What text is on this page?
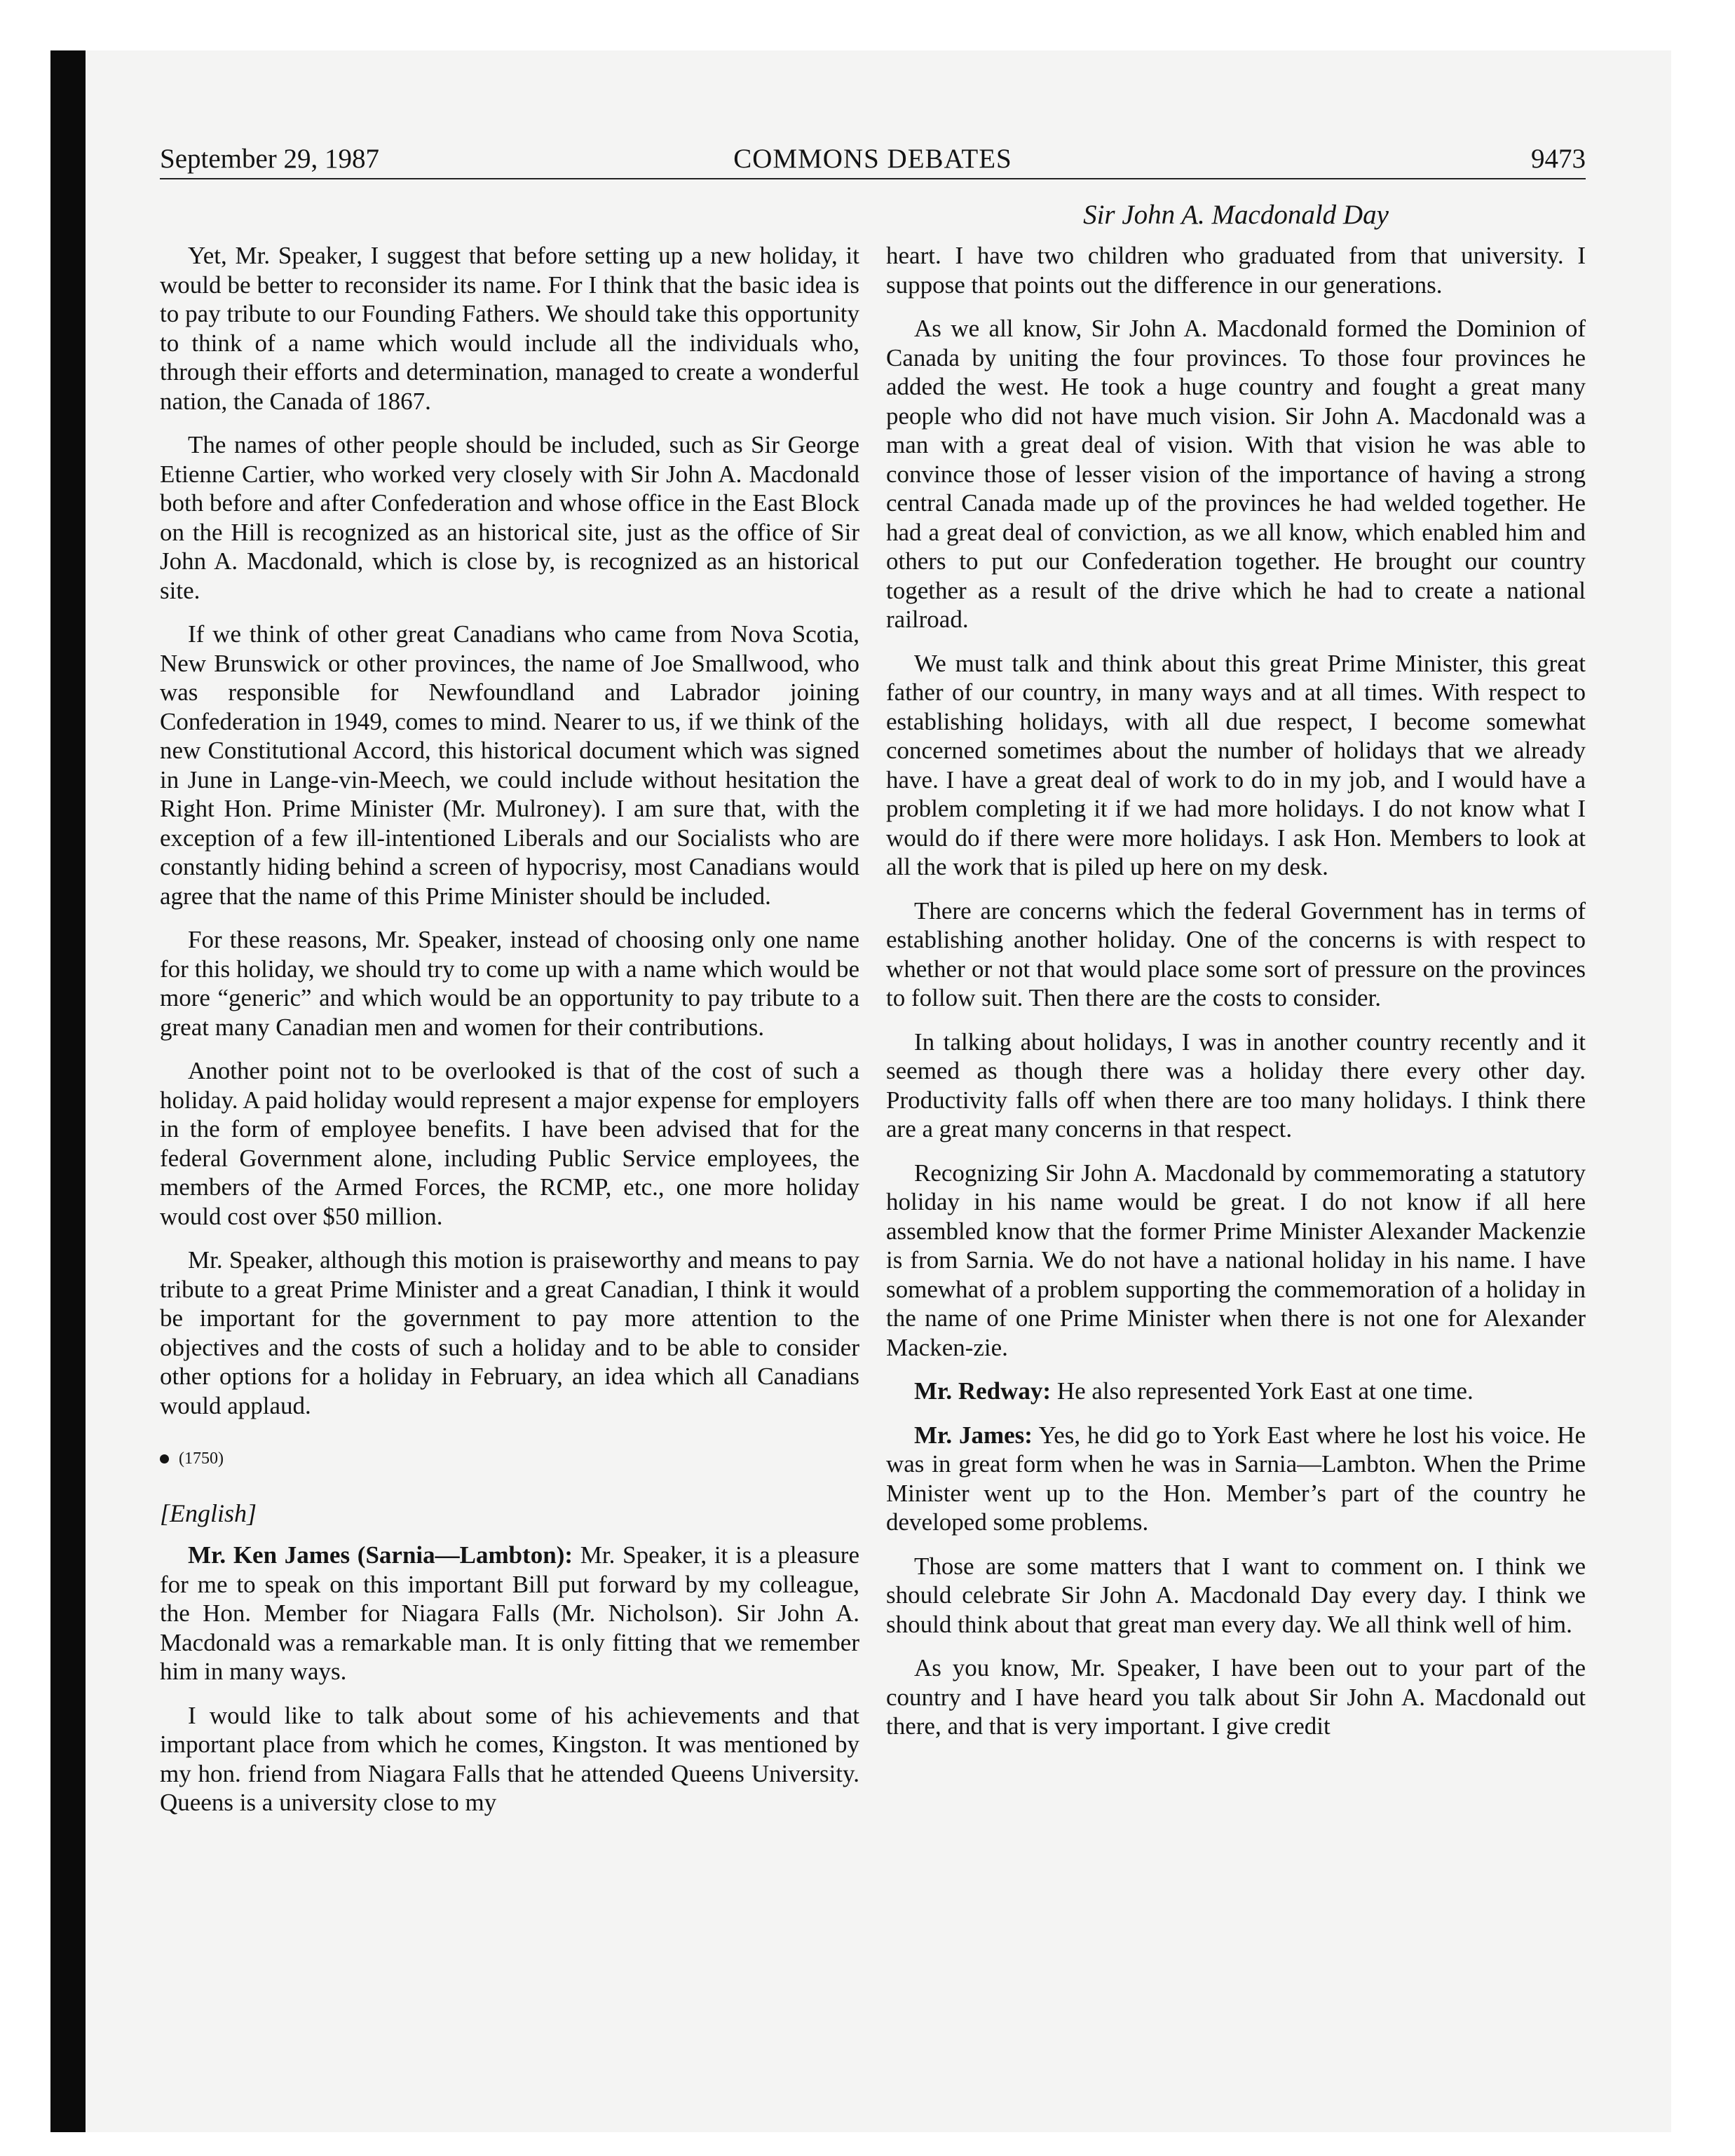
September 29, 1987	COMMONS DEBATES	9473
Sir John A. Macdonald Day

Yet, Mr. Speaker, I suggest that before setting up a new holiday, it would be better to reconsider its name. For I think that the basic idea is to pay tribute to our Founding Fathers. We should take this opportunity to think of a name which would include all the individuals who, through their efforts and determination, managed to create a wonderful nation, the Canada of 1867.

The names of other people should be included, such as Sir George Etienne Cartier, who worked very closely with Sir John A. Macdonald both before and after Confederation and whose office in the East Block on the Hill is recognized as an historical site, just as the office of Sir John A. Macdonald, which is close by, is recognized as an historical site.

If we think of other great Canadians who came from Nova Scotia, New Brunswick or other provinces, the name of Joe Smallwood, who was responsible for Newfoundland and Labrador joining Confederation in 1949, comes to mind. Nearer to us, if we think of the new Constitutional Accord, this historical document which was signed in June in Lange-vin-Meech, we could include without hesitation the Right Hon. Prime Minister (Mr. Mulroney). I am sure that, with the exception of a few ill-intentioned Liberals and our Socialists who are constantly hiding behind a screen of hypocrisy, most Canadians would agree that the name of this Prime Minister should be included.

For these reasons, Mr. Speaker, instead of choosing only one name for this holiday, we should try to come up with a name which would be more “generic” and which would be an opportunity to pay tribute to a great many Canadian men and women for their contributions.

Another point not to be overlooked is that of the cost of such a holiday. A paid holiday would represent a major expense for employers in the form of employee benefits. I have been advised that for the federal Government alone, including Public Service employees, the members of the Armed Forces, the RCMP, etc., one more holiday would cost over $50 million.

Mr. Speaker, although this motion is praiseworthy and means to pay tribute to a great Prime Minister and a great Canadian, I think it would be important for the government to pay more attention to the objectives and the costs of such a holiday and to be able to consider other options for a holiday in February, an idea which all Canadians would applaud.

(1750)
[English]

Mr. Ken James (Sarnia—Lambton): Mr. Speaker, it is a pleasure for me to speak on this important Bill put forward by my colleague, the Hon. Member for Niagara Falls (Mr. Nicholson). Sir John A. Macdonald was a remarkable man. It is only fitting that we remember him in many ways.

I would like to talk about some of his achievements and that important place from which he comes, Kingston. It was mentioned by my hon. friend from Niagara Falls that he attended Queens University. Queens is a university close to my

heart. I have two children who graduated from that university. I suppose that points out the difference in our generations.

As we all know, Sir John A. Macdonald formed the Dominion of Canada by uniting the four provinces. To those four provinces he added the west. He took a huge country and fought a great many people who did not have much vision. Sir John A. Macdonald was a man with a great deal of vision. With that vision he was able to convince those of lesser vision of the importance of having a strong central Canada made up of the provinces he had welded together. He had a great deal of conviction, as we all know, which enabled him and others to put our Confederation together. He brought our country together as a result of the drive which he had to create a national railroad.

We must talk and think about this great Prime Minister, this great father of our country, in many ways and at all times. With respect to establishing holidays, with all due respect, I become somewhat concerned sometimes about the number of holidays that we already have. I have a great deal of work to do in my job, and I would have a problem completing it if we had more holidays. I do not know what I would do if there were more holidays. I ask Hon. Members to look at all the work that is piled up here on my desk.

There are concerns which the federal Government has in terms of establishing another holiday. One of the concerns is with respect to whether or not that would place some sort of pressure on the provinces to follow suit. Then there are the costs to consider.

In talking about holidays, I was in another country recently and it seemed as though there was a holiday there every other day. Productivity falls off when there are too many holidays. I think there are a great many concerns in that respect.

Recognizing Sir John A. Macdonald by commemorating a statutory holiday in his name would be great. I do not know if all here assembled know that the former Prime Minister Alexander Mackenzie is from Sarnia. We do not have a national holiday in his name. I have somewhat of a problem supporting the commemoration of a holiday in the name of one Prime Minister when there is not one for Alexander Macken-zie.

Mr. Redway: He also represented York East at one time.

Mr. James: Yes, he did go to York East where he lost his voice. He was in great form when he was in Sarnia—Lambton. When the Prime Minister went up to the Hon. Member’s part of the country he developed some problems.

Those are some matters that I want to comment on. I think we should celebrate Sir John A. Macdonald Day every day. I think we should think about that great man every day. We all think well of him.

As you know, Mr. Speaker, I have been out to your part of the country and I have heard you talk about Sir John A. Macdonald out there, and that is very important. I give credit
